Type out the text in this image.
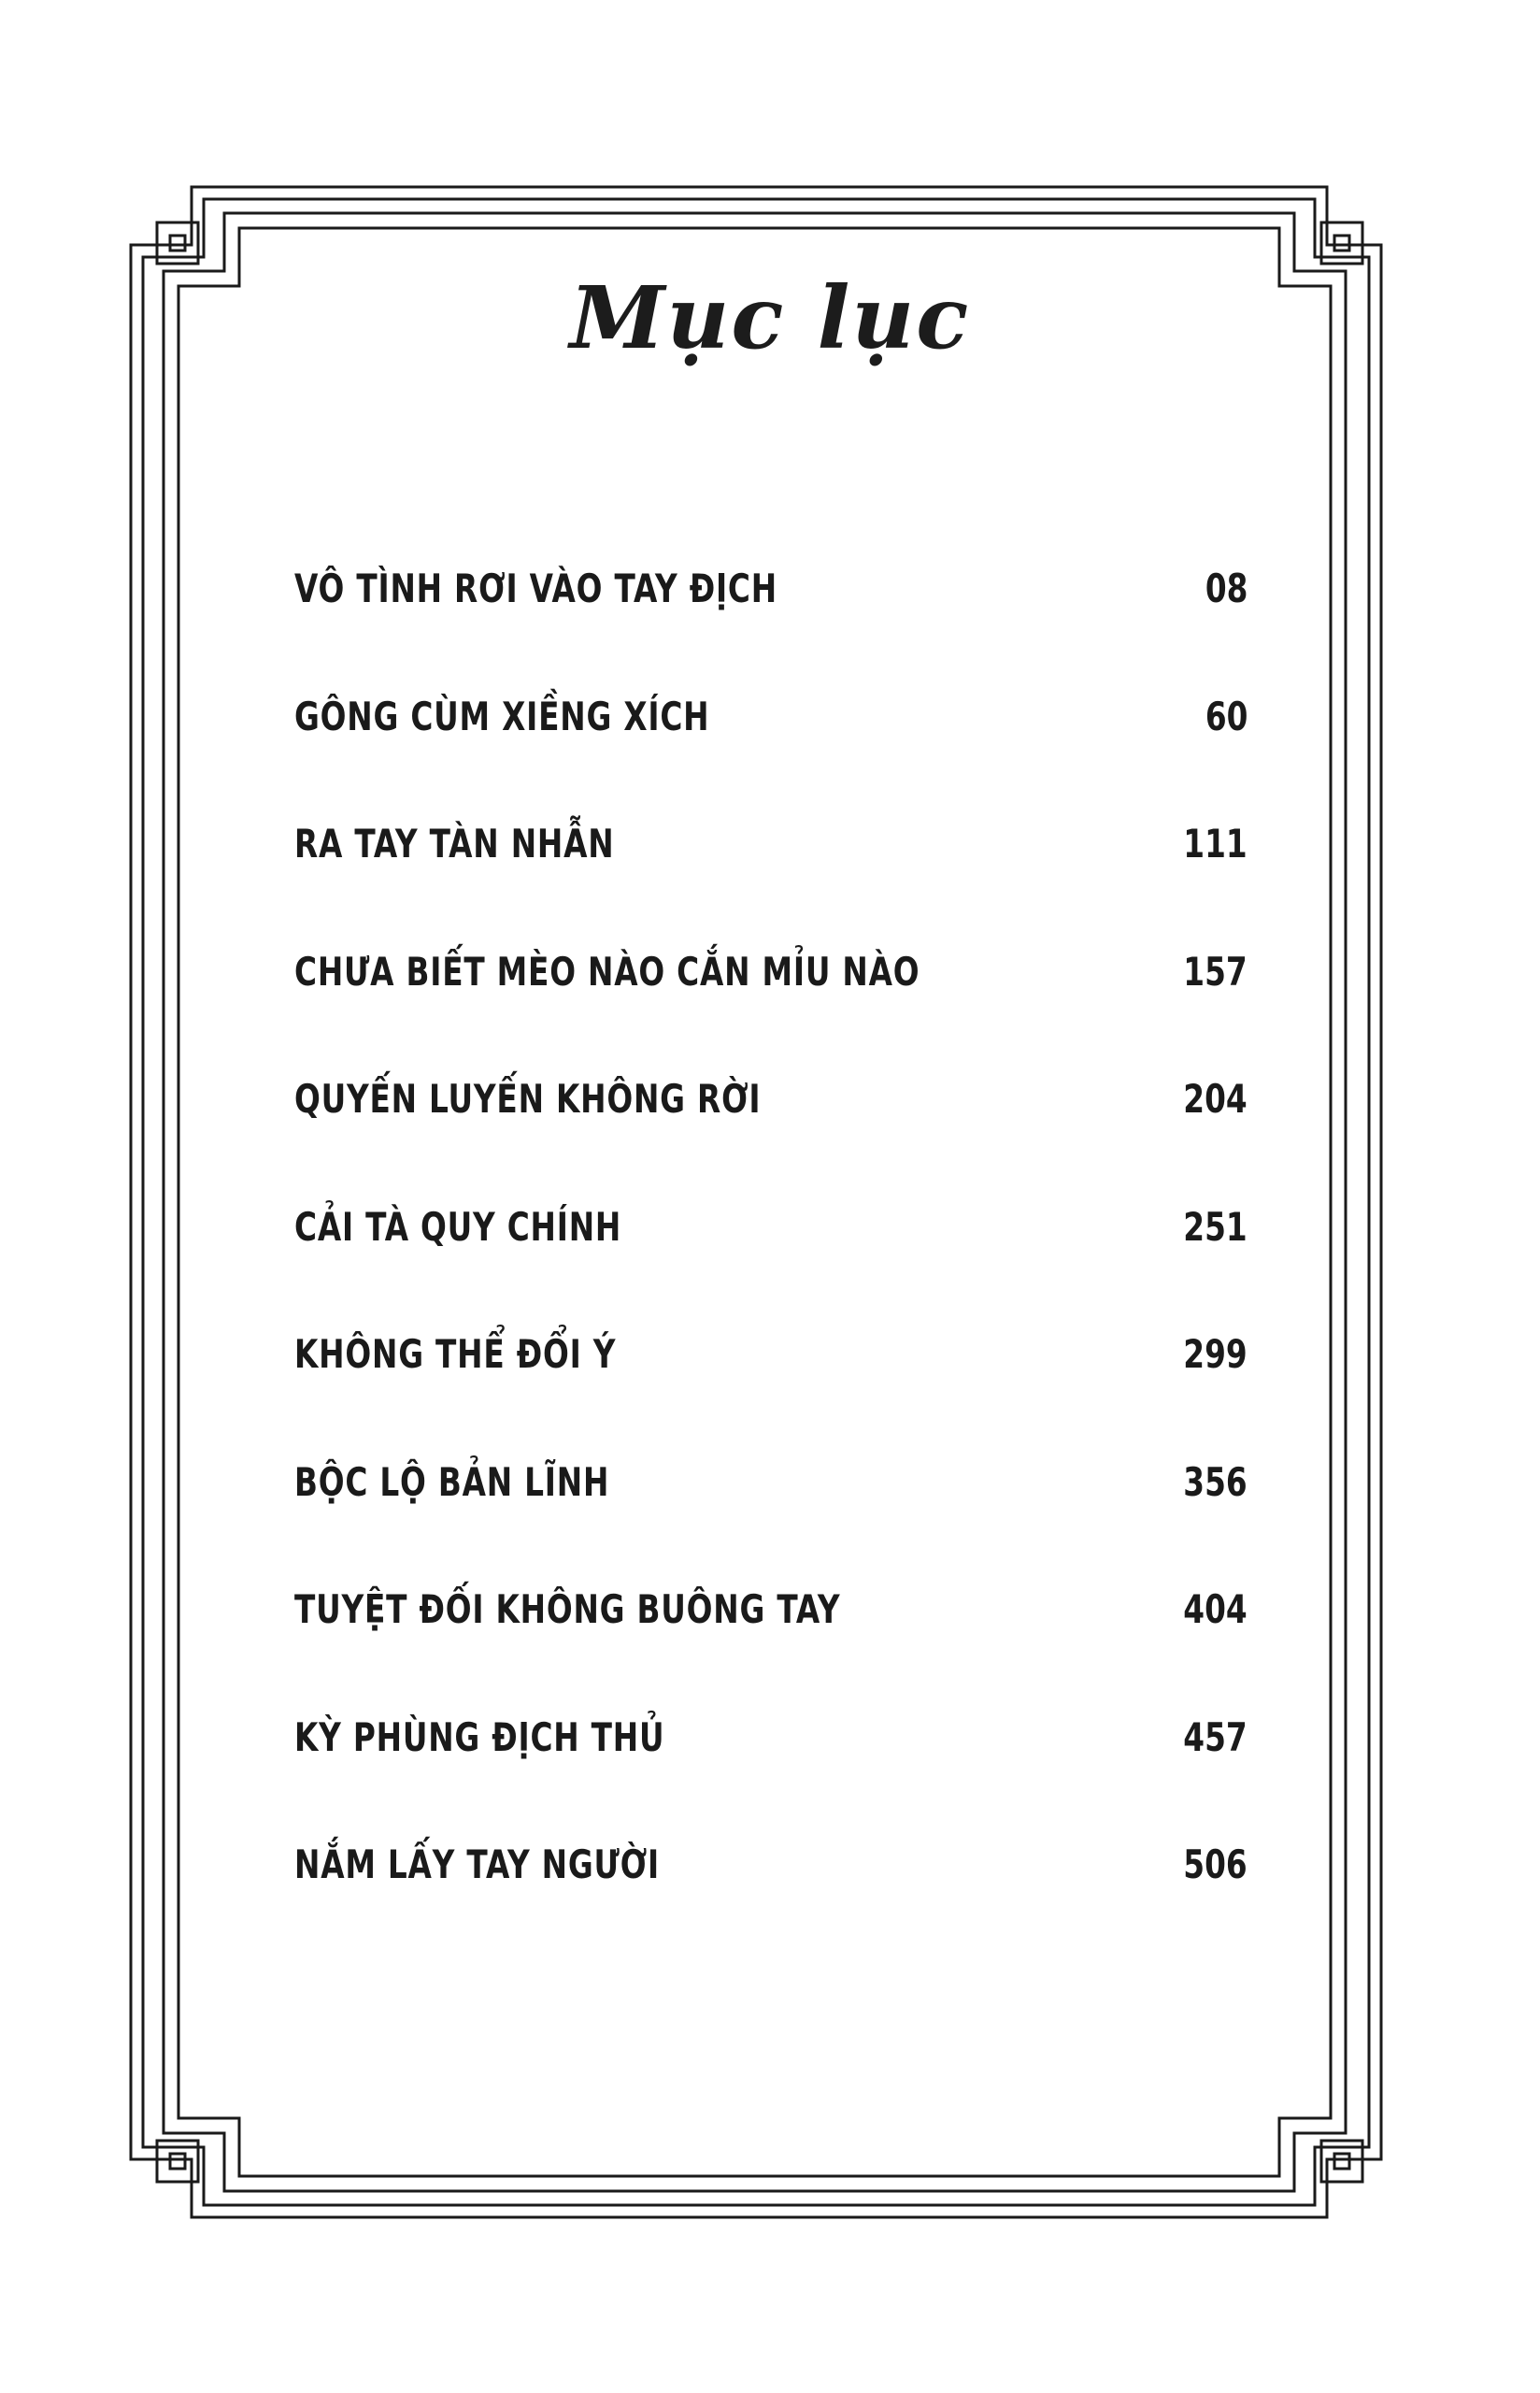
Mục lục
VÔ TÌNH RƠI VÀO TAY ĐỊCH	08
GÔNG CÙM XIỀNG XÍCH	60
RA TAY TÀN NHẪN	111
CHƯA BIẾT MÈO NÀO CẮN MỈU NÀO	157
QUYẾN LUYẾN KHÔNG RỜI	204
CẢI TÀ QUY CHÍNH	251
KHÔNG THỂ ĐỔI Ý	299
BỘC LỘ BẢN LĨNH	356
TUYỆT ĐỐI KHÔNG BUÔNG TAY	404
KỲ PHÙNG ĐỊCH THỦ	457
NẮM LẤY TAY NGƯỜI	506
